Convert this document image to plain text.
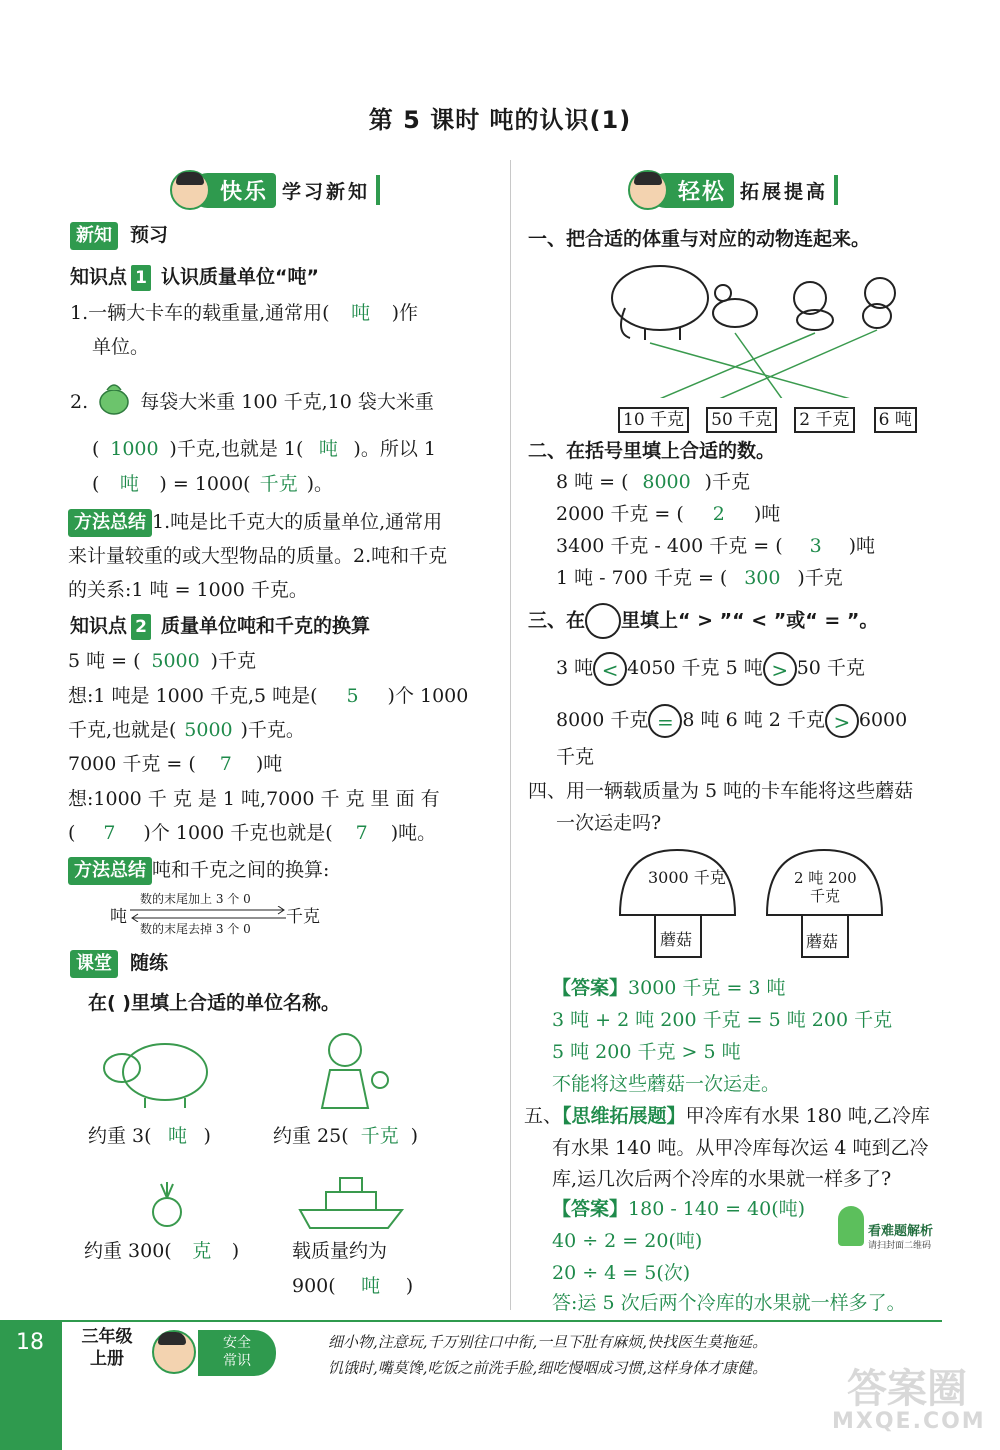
第 5 课时 吨的认识(1)
快乐 学习新知	轻松 拓展提高
新知 预习
知识点 1 认识质量单位“吨”
1.一辆大卡车的载重量,通常用( 吨 )作
单位。
2.	每袋大米重 100 千克,10 袋大米重
( 1000 )千克,也就是 1( 吨 )。所以 1
( 吨 ) = 1000( 千克 )。
方法总结 1.吨是比千克大的质量单位,通常用
来计量较重的或大型物品的质量。2.吨和千克
的关系:1 吨 = 1000 千克。
知识点 2 质量单位吨和千克的换算
5 吨 = ( 5000 )千克
想:1 吨是 1000 千克,5 吨是( 5 )个 1000
千克,也就是( 5000 )千克。
7000 千克 = ( 7 )吨
想:1000 千 克 是 1 吨,7000 千 克 里 面 有
( 7 )个 1000 千克也就是( 7 )吨。
方法总结 吨和千克之间的换算:
吨	千克
数的末尾加上 3 个 0
数的末尾去掉 3 个 0
课堂 随练
在( )里填上合适的单位名称。
约重 3( 吨 )	约重 25( 千克 )
约重 300( 克 )	载质量约为
900( 吨 )
一、把合适的体重与对应的动物连起来。
10 千克 50 千克 2 千克 6 吨
二、在括号里填上合适的数。
8 吨 = ( 8000 )千克
2000 千克 = ( 2 )吨
3400 千克 - 400 千克 = ( 3 )吨
1 吨 - 700 千克 = ( 300 )千克
三、在 里填上“ > ”“ < ”或“ = ”。
3 吨 < 4050 千克 5 吨 > 50 千克
8000 千克 = 8 吨 6 吨 2 千克 > 6000
千克
四、用一辆载质量为 5 吨的卡车能将这些蘑菇
一次运走吗?
3000 千克
蘑菇
2 吨 200
千克
蘑菇
【答案】3000 千克 = 3 吨
3 吨 + 2 吨 200 千克 = 5 吨 200 千克
5 吨 200 千克 > 5 吨
不能将这些蘑菇一次运走。
五、【思维拓展题】甲冷库有水果 180 吨,乙冷库
有水果 140 吨。从甲冷库每次运 4 吨到乙冷
库,运几次后两个冷库的水果就一样多了?
【答案】180 - 140 = 40(吨)
40 ÷ 2 = 20(吨)
20 ÷ 4 = 5(次)
答:运 5 次后两个冷库的水果就一样多了。
看难题解析
请扫封面二维码
18	三年级
上册
安全
常识
细小物,注意玩,千万别往口中衔,一旦下肚有麻烦,快找医生莫拖延。
饥饿时,嘴莫馋,吃饭之前洗手脸,细吃慢咽成习惯,这样身体才康健。	答案圈
MXQE.COM
